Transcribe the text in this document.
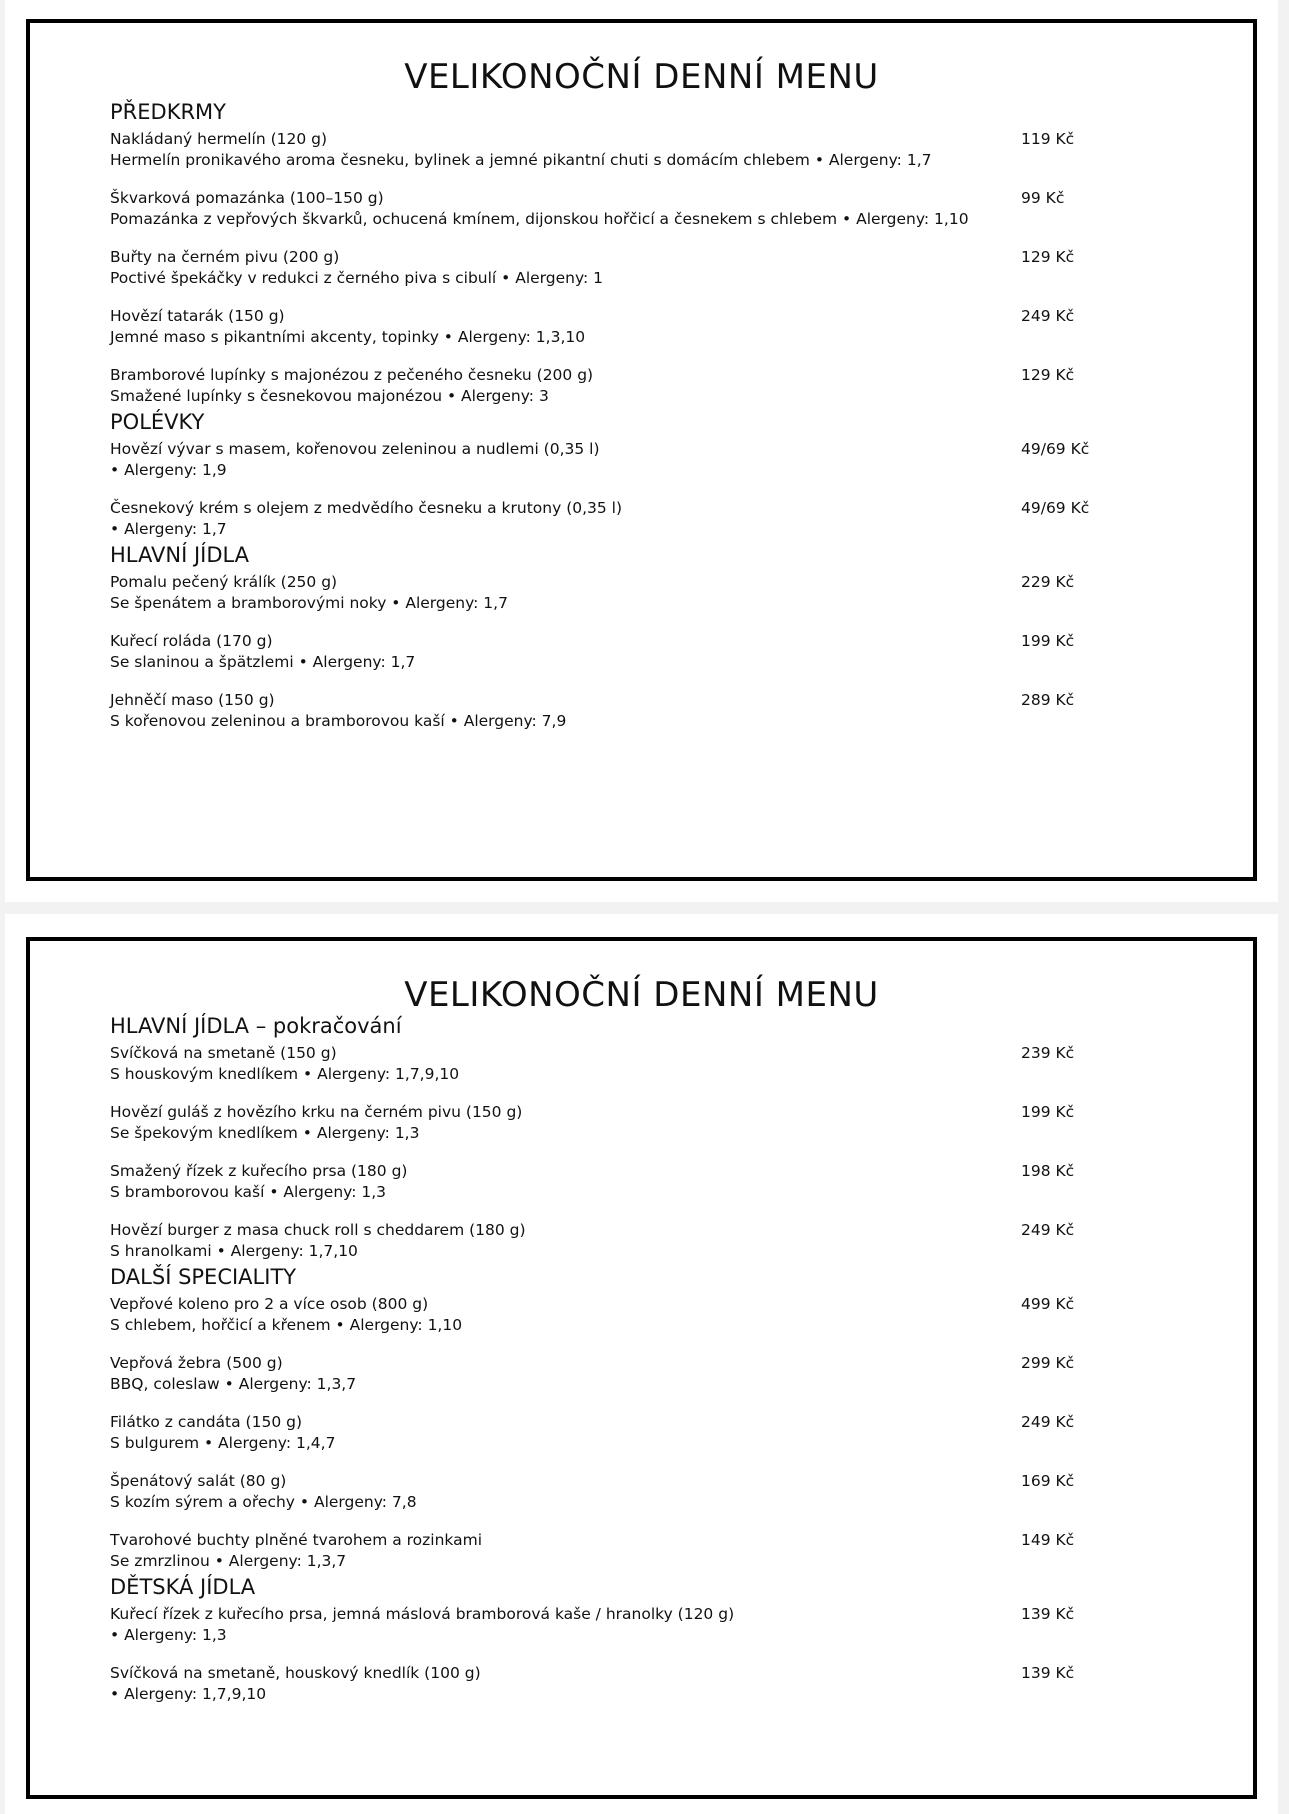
VELIKONOČNÍ DENNÍ MENU
PŘEDKRMY
Nakládaný hermelín (120 g)
Hermelín pronikavého aroma česneku, bylinek a jemné pikantní chuti s domácím chlebem • Alergeny: 1,7
119 Kč
Škvarková pomazánka (100–150 g)
Pomazánka z vepřových škvarků, ochucená kmínem, dijonskou hořčicí a česnekem s chlebem • Alergeny: 1,10
99 Kč
Buřty na černém pivu (200 g)
Poctivé špekáčky v redukci z černého piva s cibulí • Alergeny: 1
129 Kč
Hovězí tatarák (150 g)
Jemné maso s pikantními akcenty, topinky • Alergeny: 1,3,10
249 Kč
Bramborové lupínky s majonézou z pečeného česneku (200 g)
Smažené lupínky s česnekovou majonézou • Alergeny: 3
129 Kč
POLÉVKY
Hovězí vývar s masem, kořenovou zeleninou a nudlemi (0,35 l)
• Alergeny: 1,9
49/69 Kč
Česnekový krém s olejem z medvědího česneku a krutony (0,35 l)
• Alergeny: 1,7
49/69 Kč
HLAVNÍ JÍDLA
Pomalu pečený králík (250 g)
Se špenátem a bramborovými noky • Alergeny: 1,7
229 Kč
Kuřecí roláda (170 g)
Se slaninou a špätzlemi • Alergeny: 1,7
199 Kč
Jehněčí maso (150 g)
S kořenovou zeleninou a bramborovou kaší • Alergeny: 7,9
289 Kč
VELIKONOČNÍ DENNÍ MENU
HLAVNÍ JÍDLA – pokračování
Svíčková na smetaně (150 g)
S houskovým knedlíkem • Alergeny: 1,7,9,10
239 Kč
Hovězí guláš z hovězího krku na černém pivu (150 g)
Se špekovým knedlíkem • Alergeny: 1,3
199 Kč
Smažený řízek z kuřecího prsa (180 g)
S bramborovou kaší • Alergeny: 1,3
198 Kč
Hovězí burger z masa chuck roll s cheddarem (180 g)
S hranolkami • Alergeny: 1,7,10
249 Kč
DALŠÍ SPECIALITY
Vepřové koleno pro 2 a více osob (800 g)
S chlebem, hořčicí a křenem • Alergeny: 1,10
499 Kč
Vepřová žebra (500 g)
BBQ, coleslaw • Alergeny: 1,3,7
299 Kč
Filátko z candáta (150 g)
S bulgurem • Alergeny: 1,4,7
249 Kč
Špenátový salát (80 g)
S kozím sýrem a ořechy • Alergeny: 7,8
169 Kč
Tvarohové buchty plněné tvarohem a rozinkami
Se zmrzlinou • Alergeny: 1,3,7
149 Kč
DĚTSKÁ JÍDLA
Kuřecí řízek z kuřecího prsa, jemná máslová bramborová kaše / hranolky (120 g)
• Alergeny: 1,3
139 Kč
Svíčková na smetaně, houskový knedlík (100 g)
• Alergeny: 1,7,9,10
139 Kč
